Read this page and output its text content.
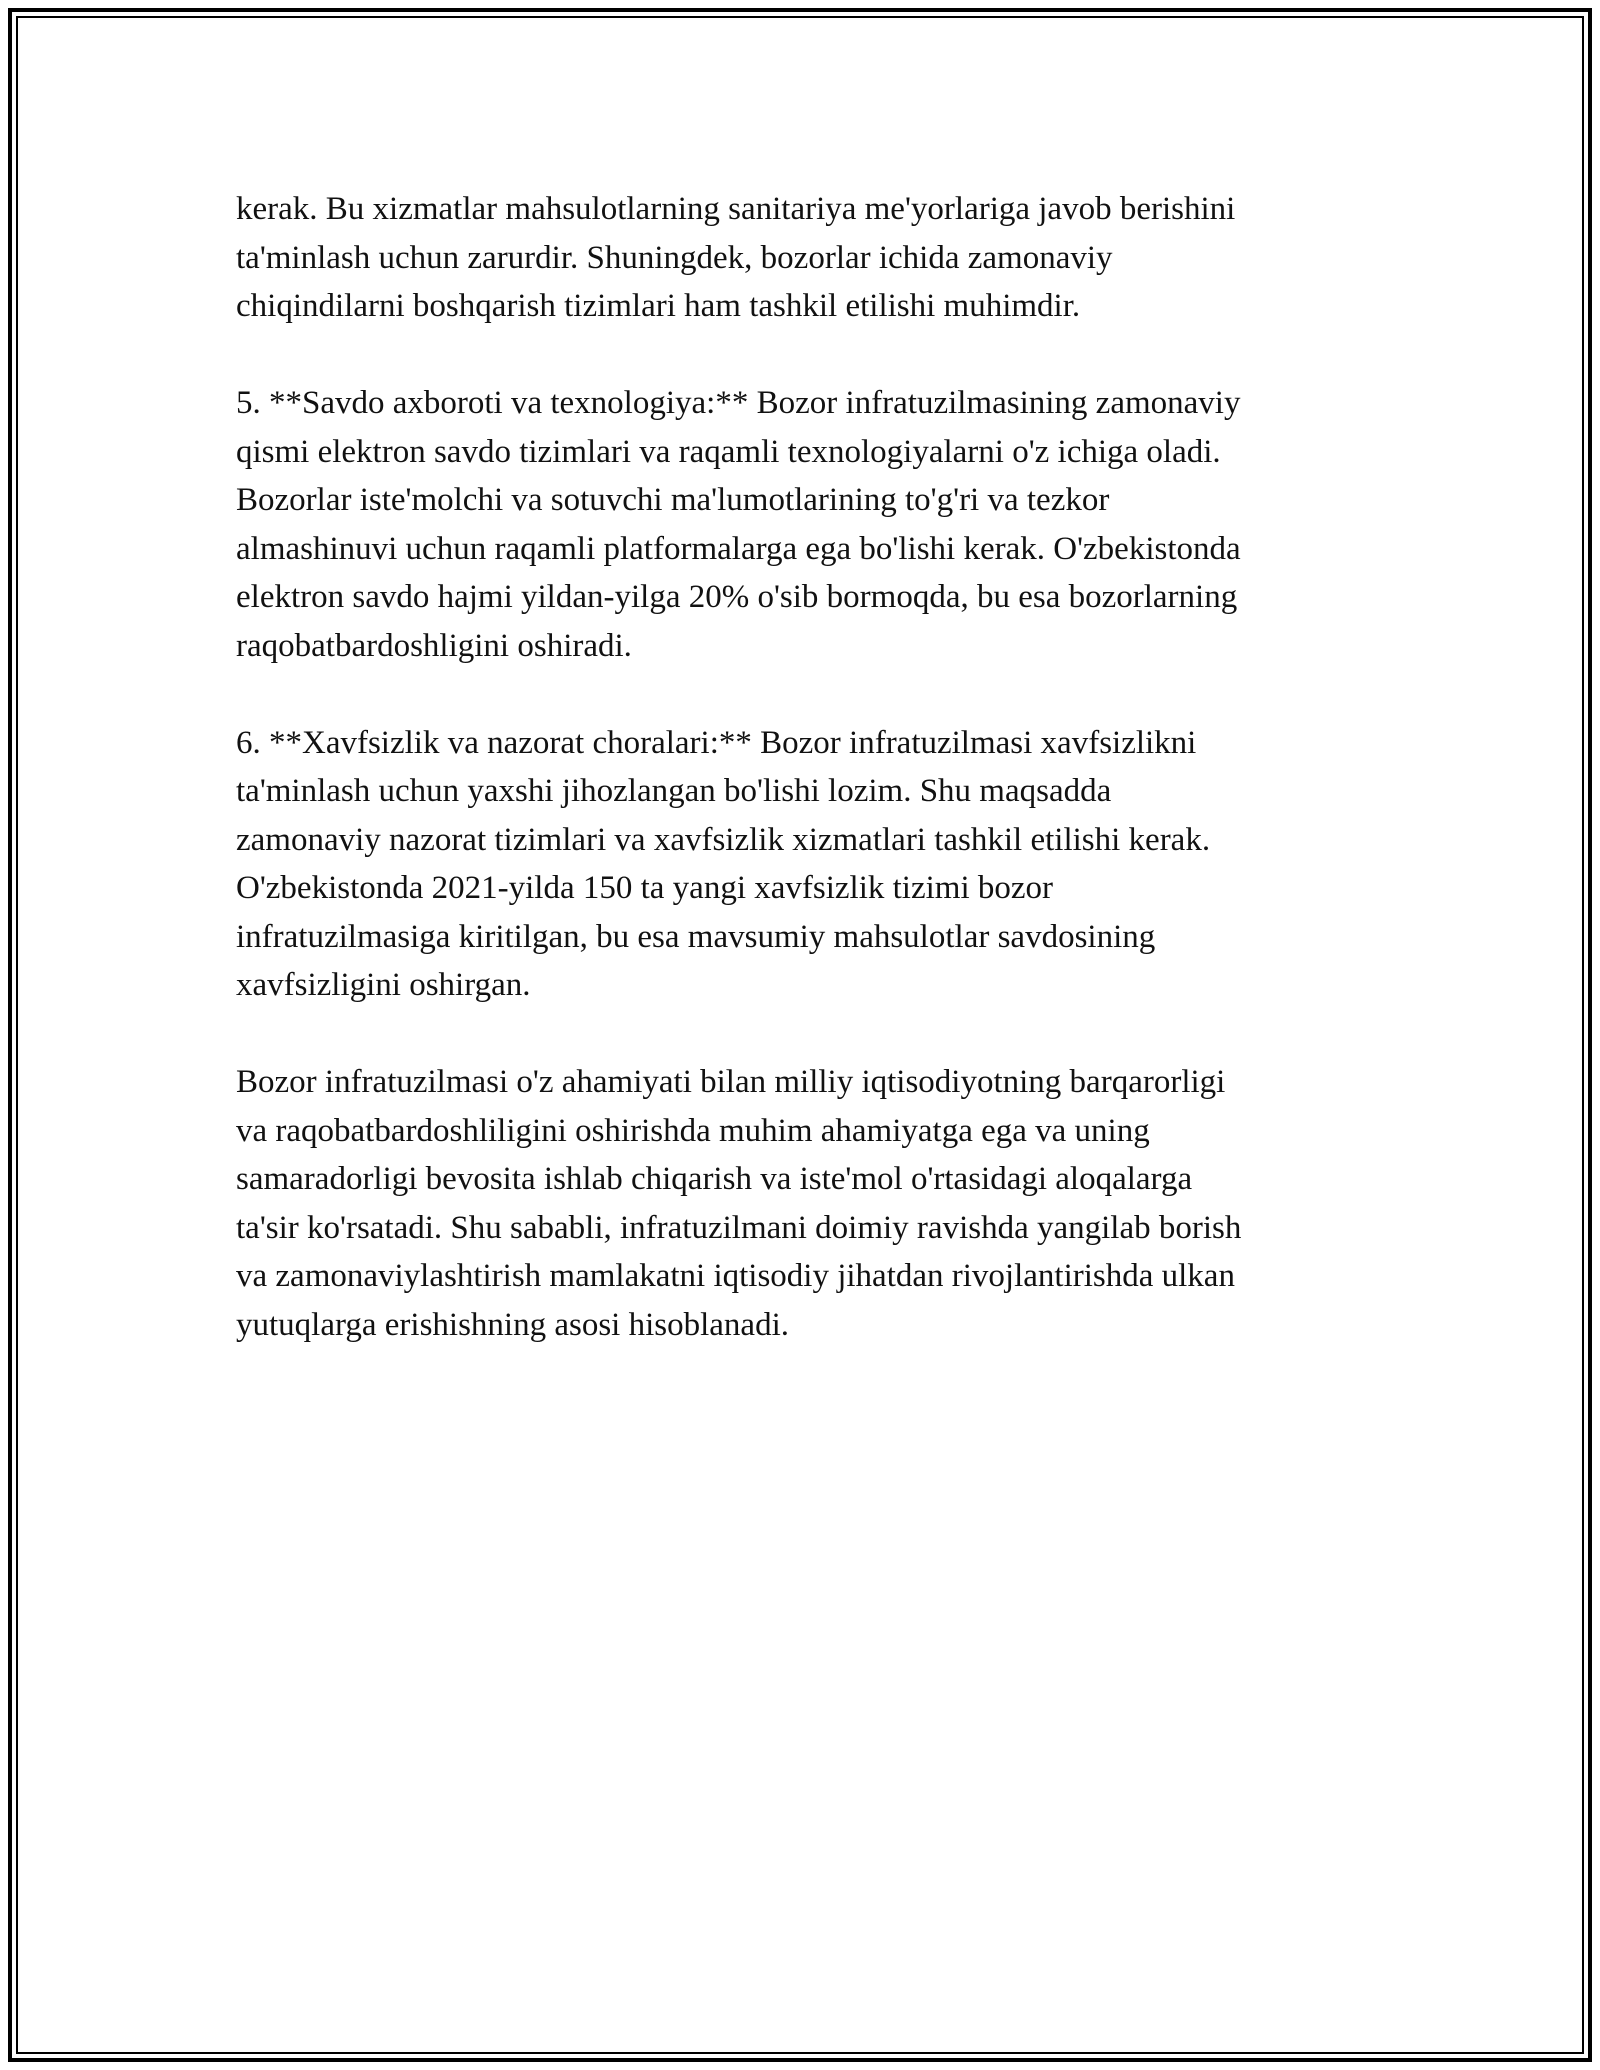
kerak. Bu xizmatlar mahsulotlarning sanitariya me'yorlariga javob berishini
ta'minlash uchun zarurdir. Shuningdek, bozorlar ichida zamonaviy
chiqindilarni boshqarish tizimlari ham tashkil etilishi muhimdir.

5. **Savdo axboroti va texnologiya:** Bozor infratuzilmasining zamonaviy
qismi elektron savdo tizimlari va raqamli texnologiyalarni o'z ichiga oladi.
Bozorlar iste'molchi va sotuvchi ma'lumotlarining to'g'ri va tezkor
almashinuvi uchun raqamli platformalarga ega bo'lishi kerak. O'zbekistonda
elektron savdo hajmi yildan-yilga 20% o'sib bormoqda, bu esa bozorlarning
raqobatbardoshligini oshiradi.

6. **Xavfsizlik va nazorat choralari:** Bozor infratuzilmasi xavfsizlikni
ta'minlash uchun yaxshi jihozlangan bo'lishi lozim. Shu maqsadda
zamonaviy nazorat tizimlari va xavfsizlik xizmatlari tashkil etilishi kerak.
O'zbekistonda 2021-yilda 150 ta yangi xavfsizlik tizimi bozor
infratuzilmasiga kiritilgan, bu esa mavsumiy mahsulotlar savdosining
xavfsizligini oshirgan.

Bozor infratuzilmasi o'z ahamiyati bilan milliy iqtisodiyotning barqarorligi
va raqobatbardoshliligini oshirishda muhim ahamiyatga ega va uning
samaradorligi bevosita ishlab chiqarish va iste'mol o'rtasidagi aloqalarga
ta'sir ko'rsatadi. Shu sababli, infratuzilmani doimiy ravishda yangilab borish
va zamonaviylashtirish mamlakatni iqtisodiy jihatdan rivojlantirishda ulkan
yutuqlarga erishishning asosi hisoblanadi.
